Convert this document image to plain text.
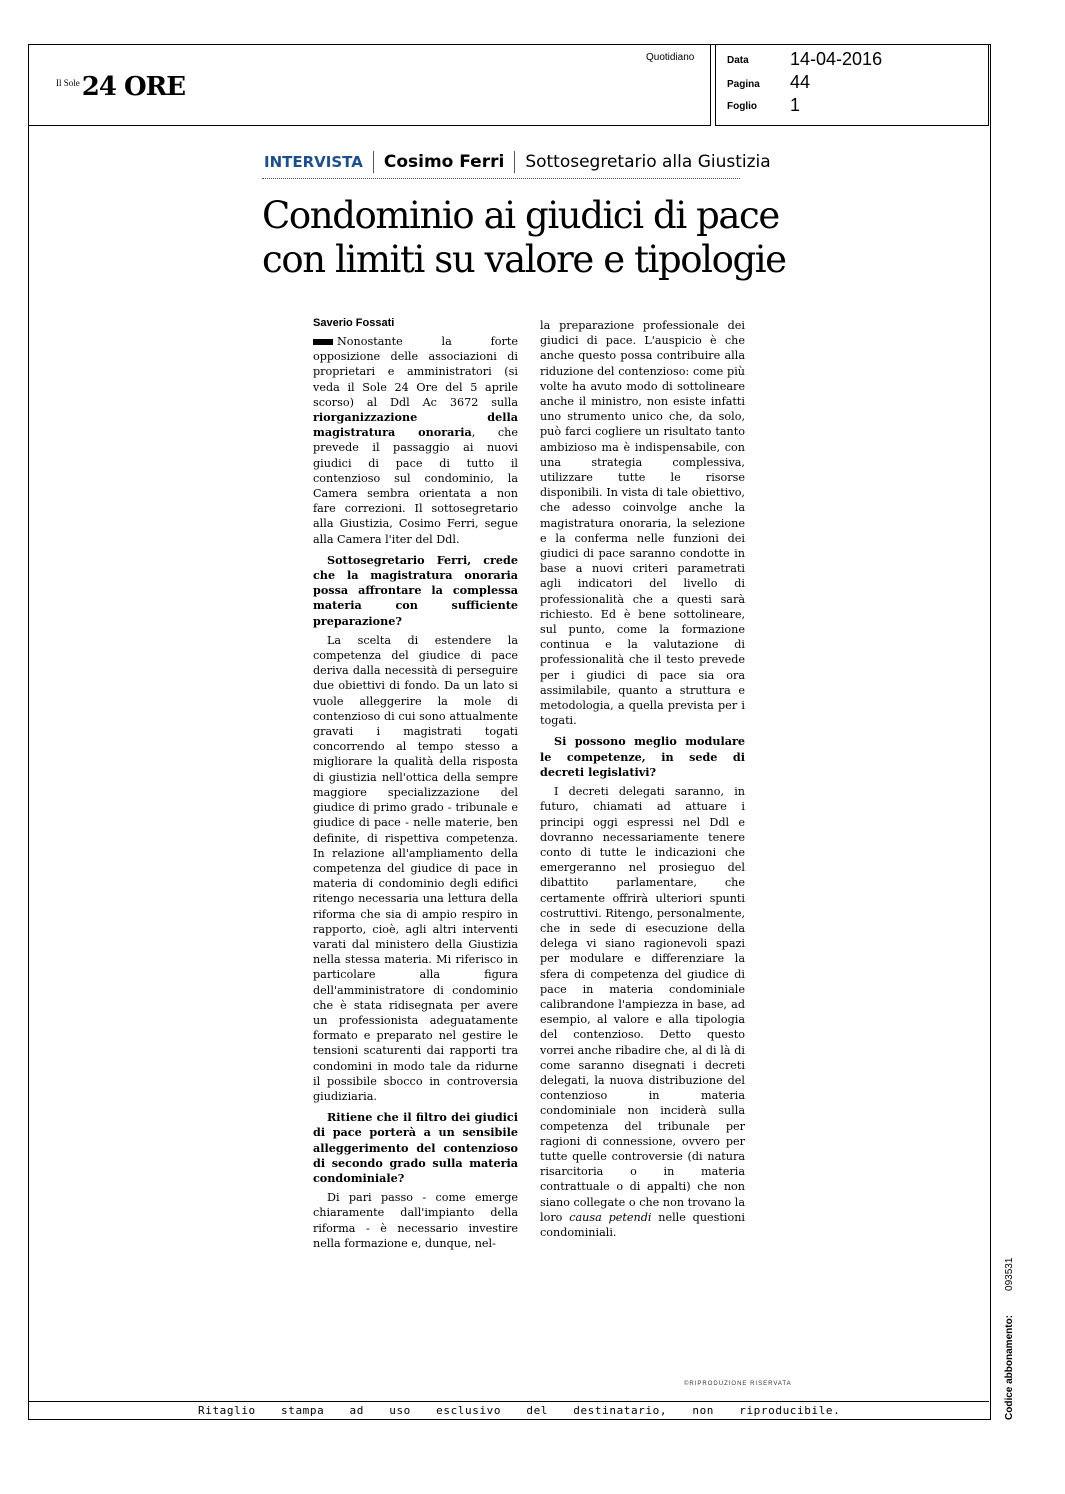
Il Sole 24 ORE
Quotidiano	Data 14-04-2016
Pagina 44
Foglio 1
INTERVISTA Cosimo Ferri Sottosegretario alla Giustizia
Condominio ai giudici di pace
con limiti su valore e tipologie
Saverio Fossati

Nonostante la forte opposizione delle associazioni di proprietari e amministratori (si veda il Sole 24 Ore del 5 aprile scorso) al Ddl Ac 3672 sulla riorganizzazione della magistratura onoraria, che prevede il passaggio ai nuovi giudici di pace di tutto il contenzioso sul condominio, la Camera sembra orientata a non fare correzioni. Il sottosegretario alla Giustizia, Cosimo Ferri, segue alla Camera l'iter del Ddl.

Sottosegretario Ferri, crede che la magistratura onoraria possa affrontare la complessa materia con sufficiente preparazione?

La scelta di estendere la competenza del giudice di pace deriva dalla necessità di perseguire due obiettivi di fondo. Da un lato si vuole alleggerire la mole di contenzioso di cui sono attualmente gravati i magistrati togati concorrendo al tempo stesso a migliorare la qualità della risposta di giustizia nell'ottica della sempre maggiore specializzazione del giudice di primo grado - tribunale e giudice di pace - nelle materie, ben definite, di rispettiva competenza. In relazione all'ampliamento della competenza del giudice di pace in materia di condominio degli edifici ritengo necessaria una lettura della riforma che sia di ampio respiro in rapporto, cioè, agli altri interventi varati dal ministero della Giustizia nella stessa materia. Mi riferisco in particolare alla figura dell'amministratore di condominio che è stata ridisegnata per avere un professionista adeguatamente formato e preparato nel gestire le tensioni scaturenti dai rapporti tra condomini in modo tale da ridurne il possibile sbocco in controversia giudiziaria.

Ritiene che il filtro dei giudici di pace porterà a un sensibile alleggerimento del contenzioso di secondo grado sulla materia condominiale?

Di pari passo - come emerge chiaramente dall'impianto della riforma - è necessario investire nella formazione e, dunque, nel-

la preparazione professionale dei giudici di pace. L'auspicio è che anche questo possa contribuire alla riduzione del contenzioso: come più volte ha avuto modo di sottolineare anche il ministro, non esiste infatti uno strumento unico che, da solo, può farci cogliere un risultato tanto ambizioso ma è indispensabile, con una strategia complessiva, utilizzare tutte le risorse disponibili. In vista di tale obiettivo, che adesso coinvolge anche la magistratura onoraria, la selezione e la conferma nelle funzioni dei giudici di pace saranno condotte in base a nuovi criteri parametrati agli indicatori del livello di professionalità che a questi sarà richiesto. Ed è bene sottolineare, sul punto, come la formazione continua e la valutazione di professionalità che il testo prevede per i giudici di pace sia ora assimilabile, quanto a struttura e metodologia, a quella prevista per i togati.

Si possono meglio modulare le competenze, in sede di decreti legislativi?

I decreti delegati saranno, in futuro, chiamati ad attuare i principi oggi espressi nel Ddl e dovranno necessariamente tenere conto di tutte le indicazioni che emergeranno nel prosieguo del dibattito parlamentare, che certamente offrirà ulteriori spunti costruttivi. Ritengo, personalmente, che in sede di esecuzione della delega vi siano ragionevoli spazi per modulare e differenziare la sfera di competenza del giudice di pace in materia condominiale calibrandone l'ampiezza in base, ad esempio, al valore e alla tipologia del contenzioso. Detto questo vorrei anche ribadire che, al di là di come saranno disegnati i decreti delegati, la nuova distribuzione del contenzioso in materia condominiale non inciderà sulla competenza del tribunale per ragioni di connessione, ovvero per tutte quelle controversie (di natura risarcitoria o in materia contrattuale o di appalti) che non siano collegate o che non trovano la loro causa petendi nelle questioni condominiali.

©RIPRODUZIONE RISERVATA
Ritaglio stampa ad uso esclusivo del destinatario, non riproducibile.	Codice abbonamento:093531
